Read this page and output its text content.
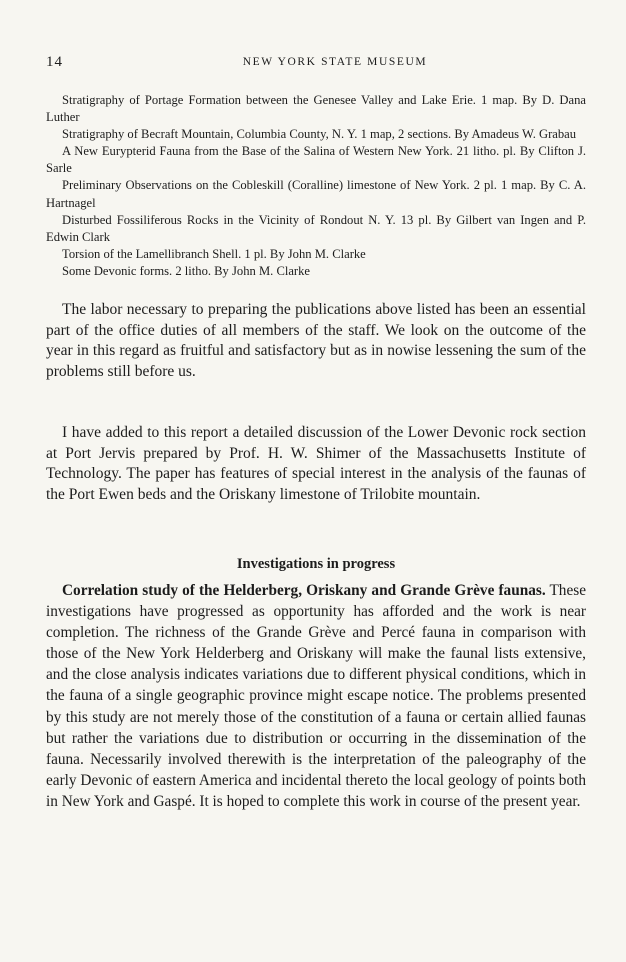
14	NEW YORK STATE MUSEUM

Stratigraphy of Portage Formation between the Genesee Valley and Lake Erie. 1 map. By D. Dana Luther

Stratigraphy of Becraft Mountain, Columbia County, N. Y. 1 map, 2 sections. By Amadeus W. Grabau

A New Eurypterid Fauna from the Base of the Salina of Western New York. 21 litho. pl. By Clifton J. Sarle

Preliminary Observations on the Cobleskill (Coralline) limestone of New York. 2 pl. 1 map. By C. A. Hartnagel

Disturbed Fossiliferous Rocks in the Vicinity of Rondout N. Y. 13 pl. By Gilbert van Ingen and P. Edwin Clark

Torsion of the Lamellibranch Shell. 1 pl. By John M. Clarke

Some Devonic forms. 2 litho. By John M. Clarke

The labor necessary to preparing the publications above listed has been an essential part of the office duties of all members of the staff. We look on the outcome of the year in this regard as fruitful and satisfactory but as in nowise lessening the sum of the problems still before us.

I have added to this report a detailed discussion of the Lower Devonic rock section at Port Jervis prepared by Prof. H. W. Shimer of the Massachusetts Institute of Technology. The paper has features of special interest in the analysis of the faunas of the Port Ewen beds and the Oriskany limestone of Trilobite mountain.

Investigations in progress

Correlation study of the Helderberg, Oriskany and Grande Grève faunas. These investigations have progressed as opportunity has afforded and the work is near completion. The richness of the Grande Grève and Percé fauna in comparison with those of the New York Helderberg and Oriskany will make the faunal lists extensive, and the close analysis indicates variations due to different physical conditions, which in the fauna of a single geographic province might escape notice. The problems presented by this study are not merely those of the constitution of a fauna or certain allied faunas but rather the variations due to distribution or occurring in the dissemination of the fauna. Necessarily involved therewith is the interpretation of the paleography of the early Devonic of eastern America and incidental thereto the local geology of points both in New York and Gaspé. It is hoped to complete this work in course of the present year.
